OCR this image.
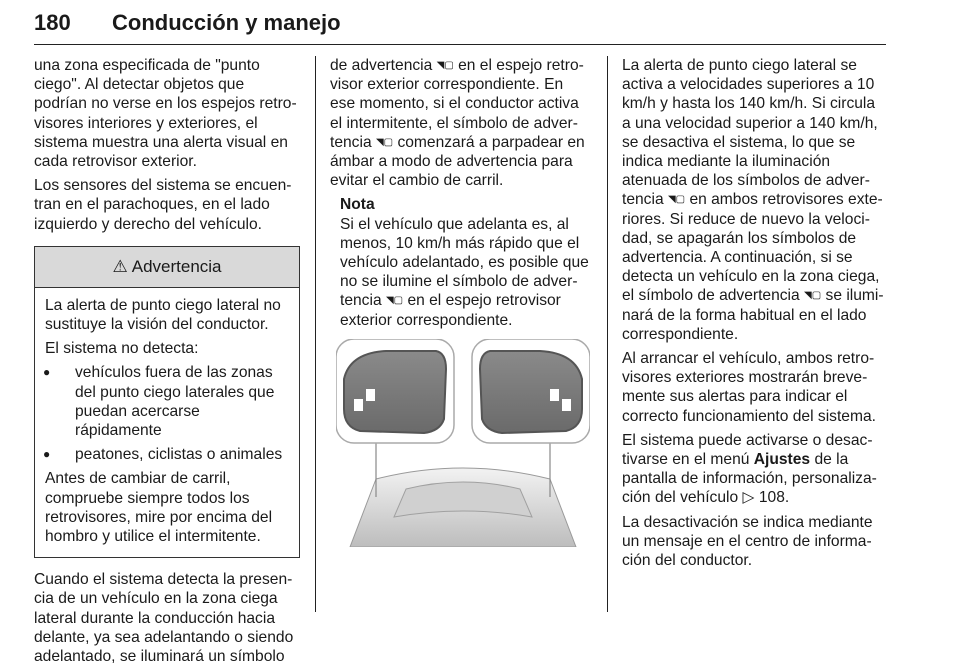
180 Conducción y manejo

una zona especificada de "punto ciego". Al detectar objetos que podrían no verse en los espejos retrovisores interiores y exteriores, el sistema muestra una alerta visual en cada retrovisor exterior.

Los sensores del sistema se encuentran en el parachoques, en el lado izquierdo y derecho del vehículo.

⚠ Advertencia

La alerta de punto ciego lateral no sustituye la visión del conductor.

El sistema no detecta:

● vehículos fuera de las zonas del punto ciego laterales que puedan acercarse rápidamente
● peatones, ciclistas o animales

Antes de cambiar de carril, compruebe siempre todos los retrovisores, mire por encima del hombro y utilice el intermitente.

Cuando el sistema detecta la presencia de un vehículo en la zona ciega lateral durante la conducción hacia delante, ya sea adelantando o siendo adelantado, se iluminará un símbolo

de advertencia ◥▢ en el espejo retrovisor exterior correspondiente. En ese momento, si el conductor activa el intermitente, el símbolo de advertencia ◥▢ comenzará a parpadear en ámbar a modo de advertencia para evitar el cambio de carril.

Nota
Si el vehículo que adelanta es, al menos, 10 km/h más rápido que el vehículo adelantado, es posible que no se ilumine el símbolo de advertencia ◥▢ en el espejo retrovisor exterior correspondiente.

La alerta de punto ciego lateral se activa a velocidades superiores a 10 km/h y hasta los 140 km/h. Si circula a una velocidad superior a 140 km/h, se desactiva el sistema, lo que se indica mediante la iluminación atenuada de los símbolos de advertencia ◥▢ en ambos retrovisores exteriores. Si reduce de nuevo la velocidad, se apagarán los símbolos de advertencia. A continuación, si se detecta un vehículo en la zona ciega, el símbolo de advertencia ◥▢ se iluminará de la forma habitual en el lado correspondiente.

Al arrancar el vehículo, ambos retrovisores exteriores mostrarán brevemente sus alertas para indicar el correcto funcionamiento del sistema.

El sistema puede activarse o desactivarse en el menú Ajustes de la pantalla de información, personalización del vehículo ▷ 108.

La desactivación se indica mediante un mensaje en el centro de información del conductor.
